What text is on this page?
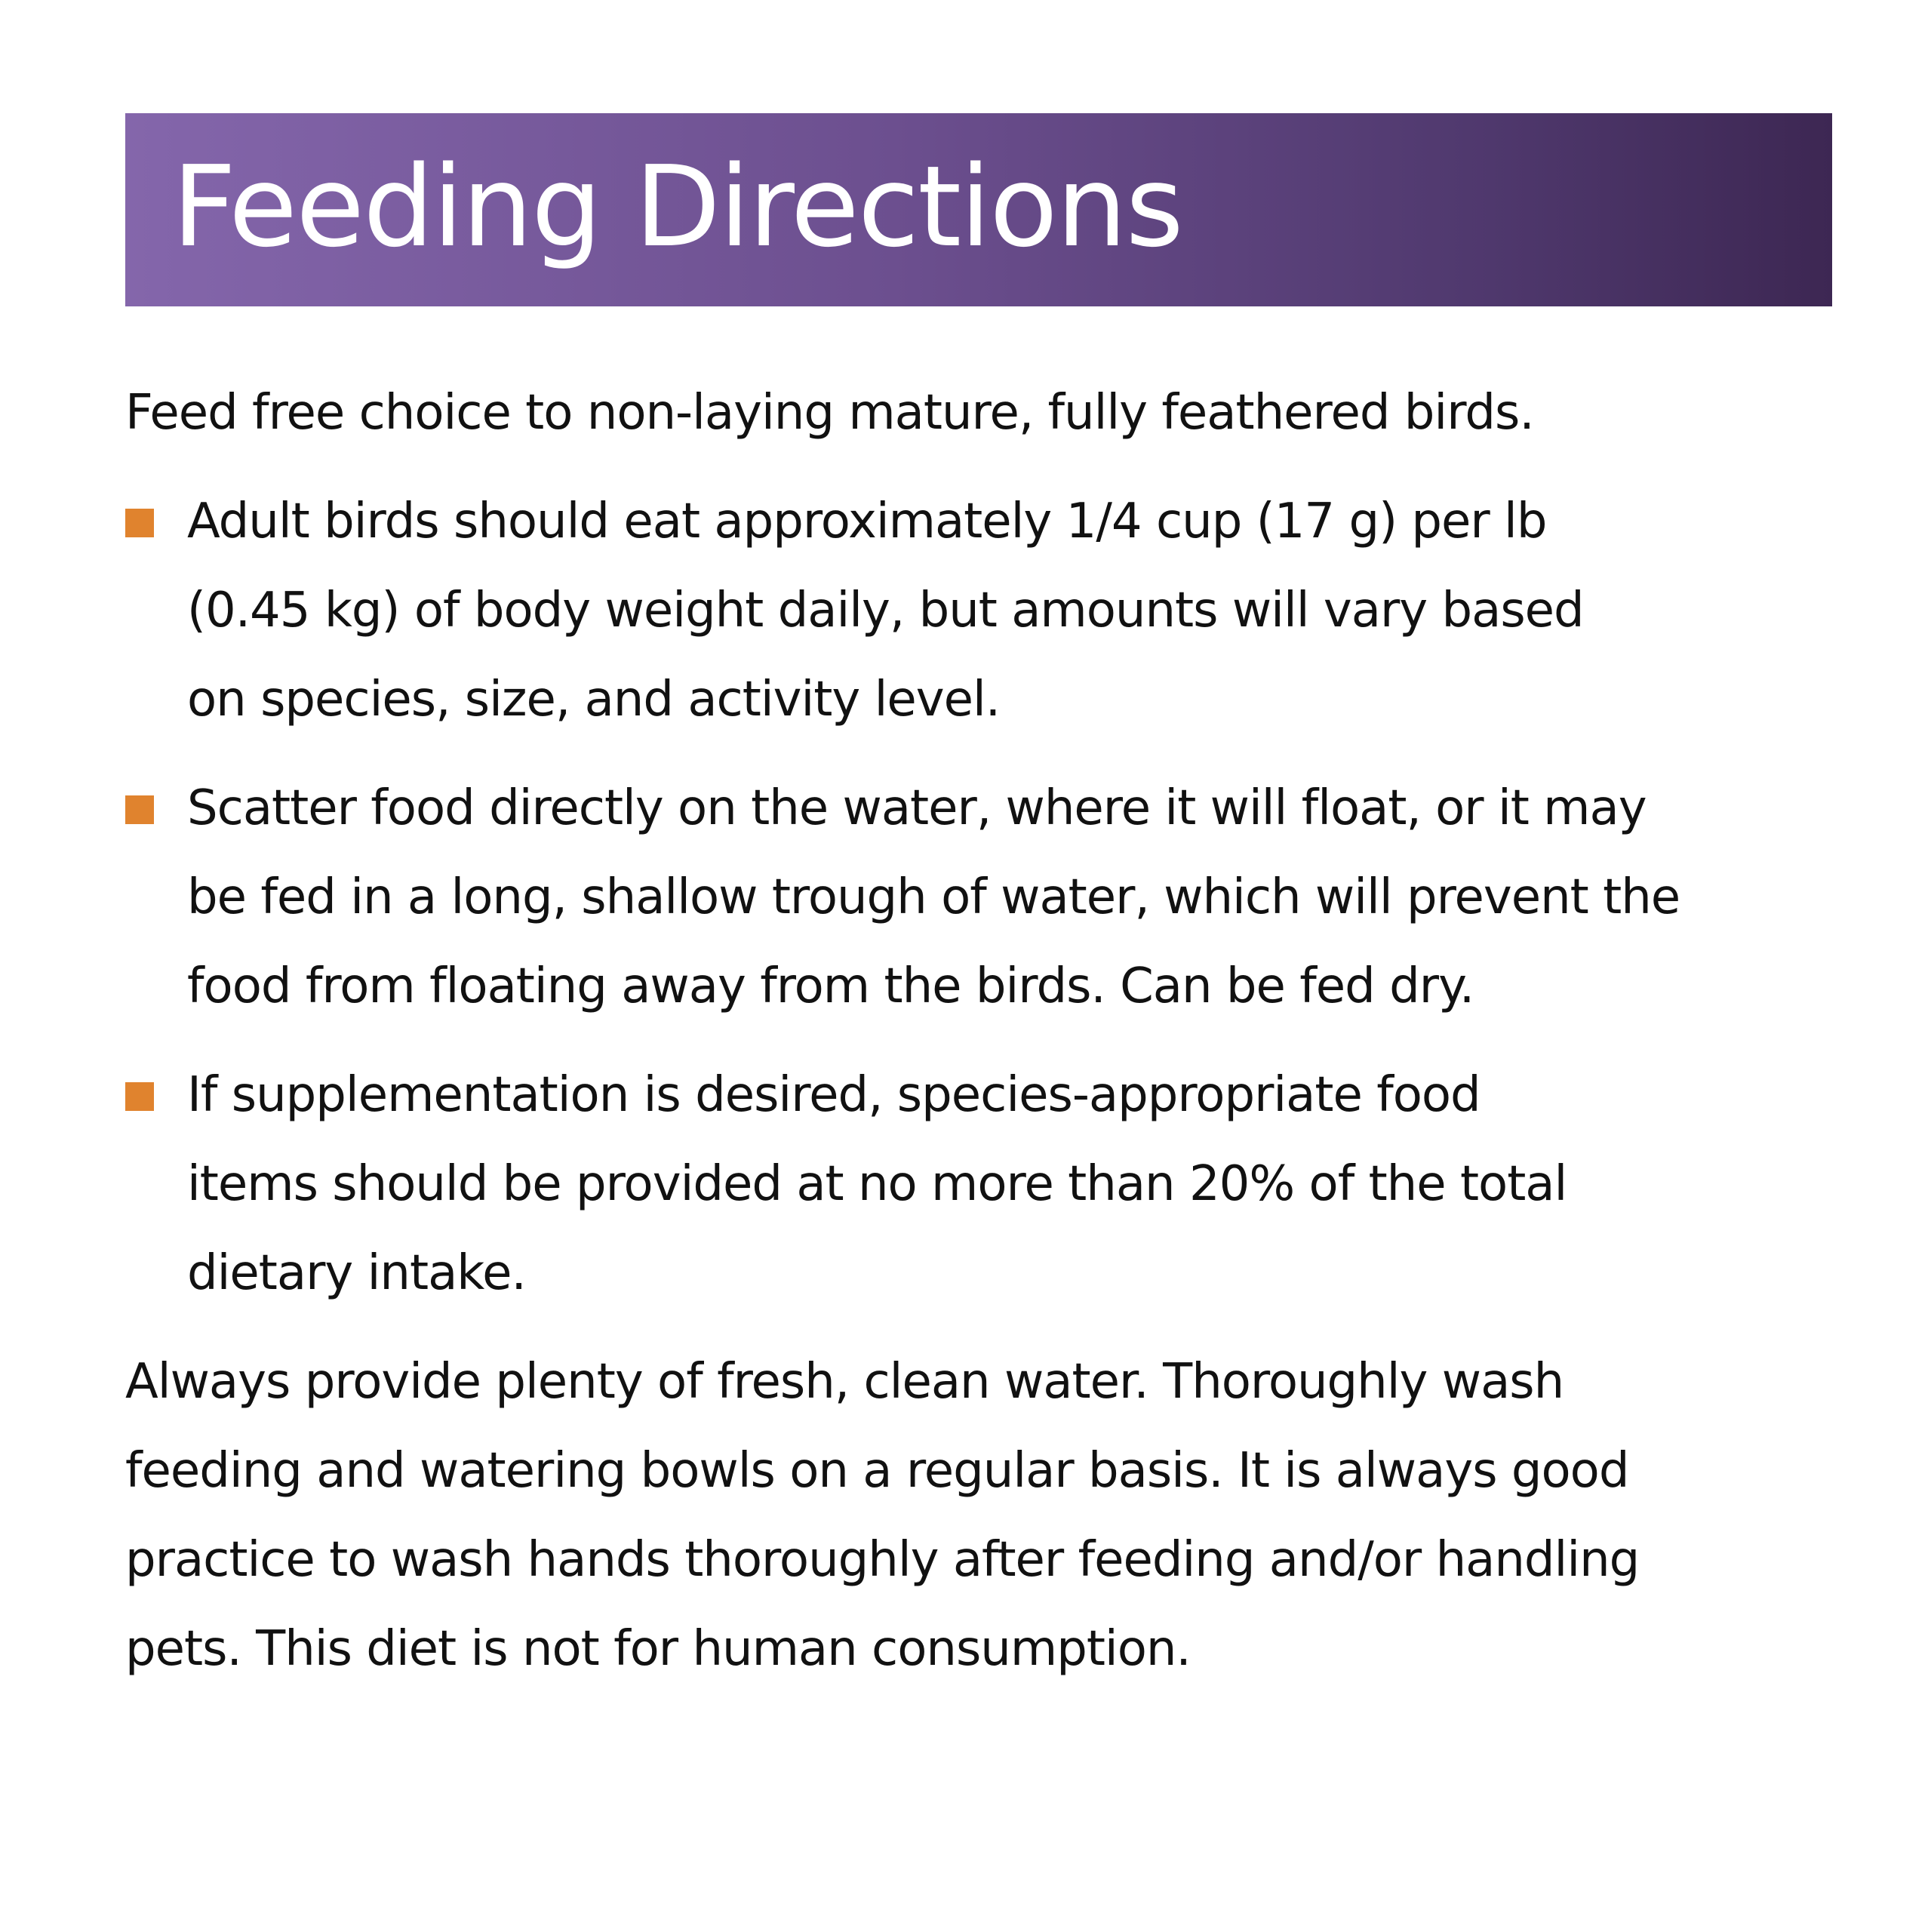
Feeding Directions

Feed free choice to non-laying mature, fully feathered birds.

Adult birds should eat approximately 1/4 cup (17 g) per lb
(0.45 kg) of body weight daily, but amounts will vary based
on species, size, and activity level.
Scatter food directly on the water, where it will float, or it may
be fed in a long, shallow trough of water, which will prevent the
food from floating away from the birds. Can be fed dry.
If supplementation is desired, species-appropriate food
items should be provided at no more than 20% of the total
dietary intake.

Always provide plenty of fresh, clean water. Thoroughly wash
feeding and watering bowls on a regular basis. It is always good
practice to wash hands thoroughly after feeding and/or handling
pets. This diet is not for human consumption.
